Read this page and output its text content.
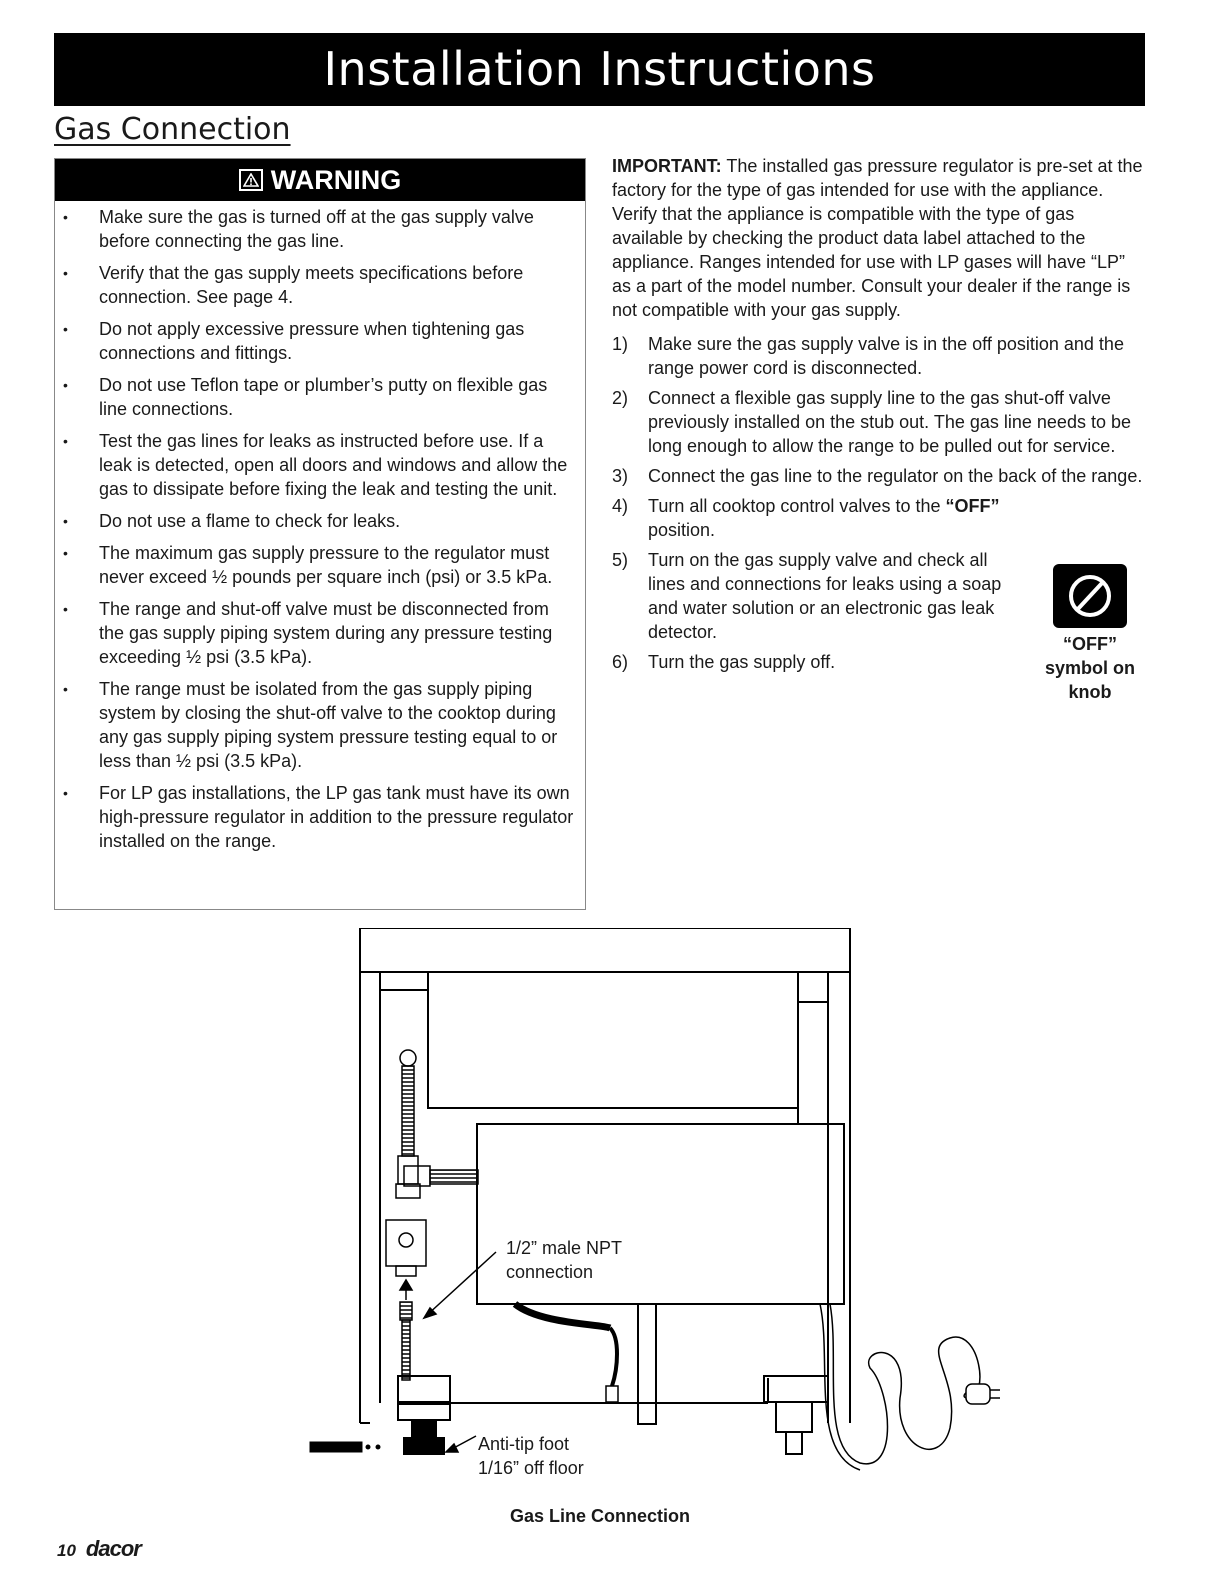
Installation Instructions
Gas Connection
WARNING
• Make sure the gas is turned off at the gas supply valve before connecting the gas line.
• Verify that the gas supply meets specifications before connection. See page 4.
• Do not apply excessive pressure when tightening gas connections and fittings.
• Do not use Teflon tape or plumber’s putty on flexible gas line connections.
• Test the gas lines for leaks as instructed before use. If a leak is detected, open all doors and windows and allow the gas to dissipate before fixing the leak and testing the unit.
• Do not use a flame to check for leaks.
• The maximum gas supply pressure to the regulator must never exceed ½ pounds per square inch (psi) or 3.5 kPa.
• The range and shut-off valve must be disconnected from the gas supply piping system during any pressure testing exceeding ½ psi (3.5 kPa).
• The range must be isolated from the gas supply piping system by closing the shut-off valve to the cooktop during any gas supply piping system pressure testing equal to or less than ½ psi (3.5 kPa).
• For LP gas installations, the LP gas tank must have its own high-pressure regulator in addition to the pressure regulator installed on the range.

IMPORTANT: The installed gas pressure regulator is pre-set at the factory for the type of gas intended for use with the appliance. Verify that the appliance is compatible with the type of gas available by checking the product data label attached to the appliance. Ranges intended for use with LP gases will have “LP” as a part of the model number. Consult your dealer if the range is not compatible with your gas supply.

1) Make sure the gas supply valve is in the off position and the range power cord is disconnected.
2) Connect a flexible gas supply line to the gas shut-off valve previously installed on the stub out. The gas line needs to be long enough to allow the range to be pulled out for service.
3) Connect the gas line to the regulator on the back of the range.
4) Turn all cooktop control valves to the “OFF” position.
5) Turn on the gas supply valve and check all lines and connections for leaks using a soap and water solution or an electronic gas leak detector.
6) Turn the gas supply off.
“OFF” symbol on knob
1/2” male NPT connection
Anti-tip foot 1/16” off floor
Gas Line Connection
10 dacor
